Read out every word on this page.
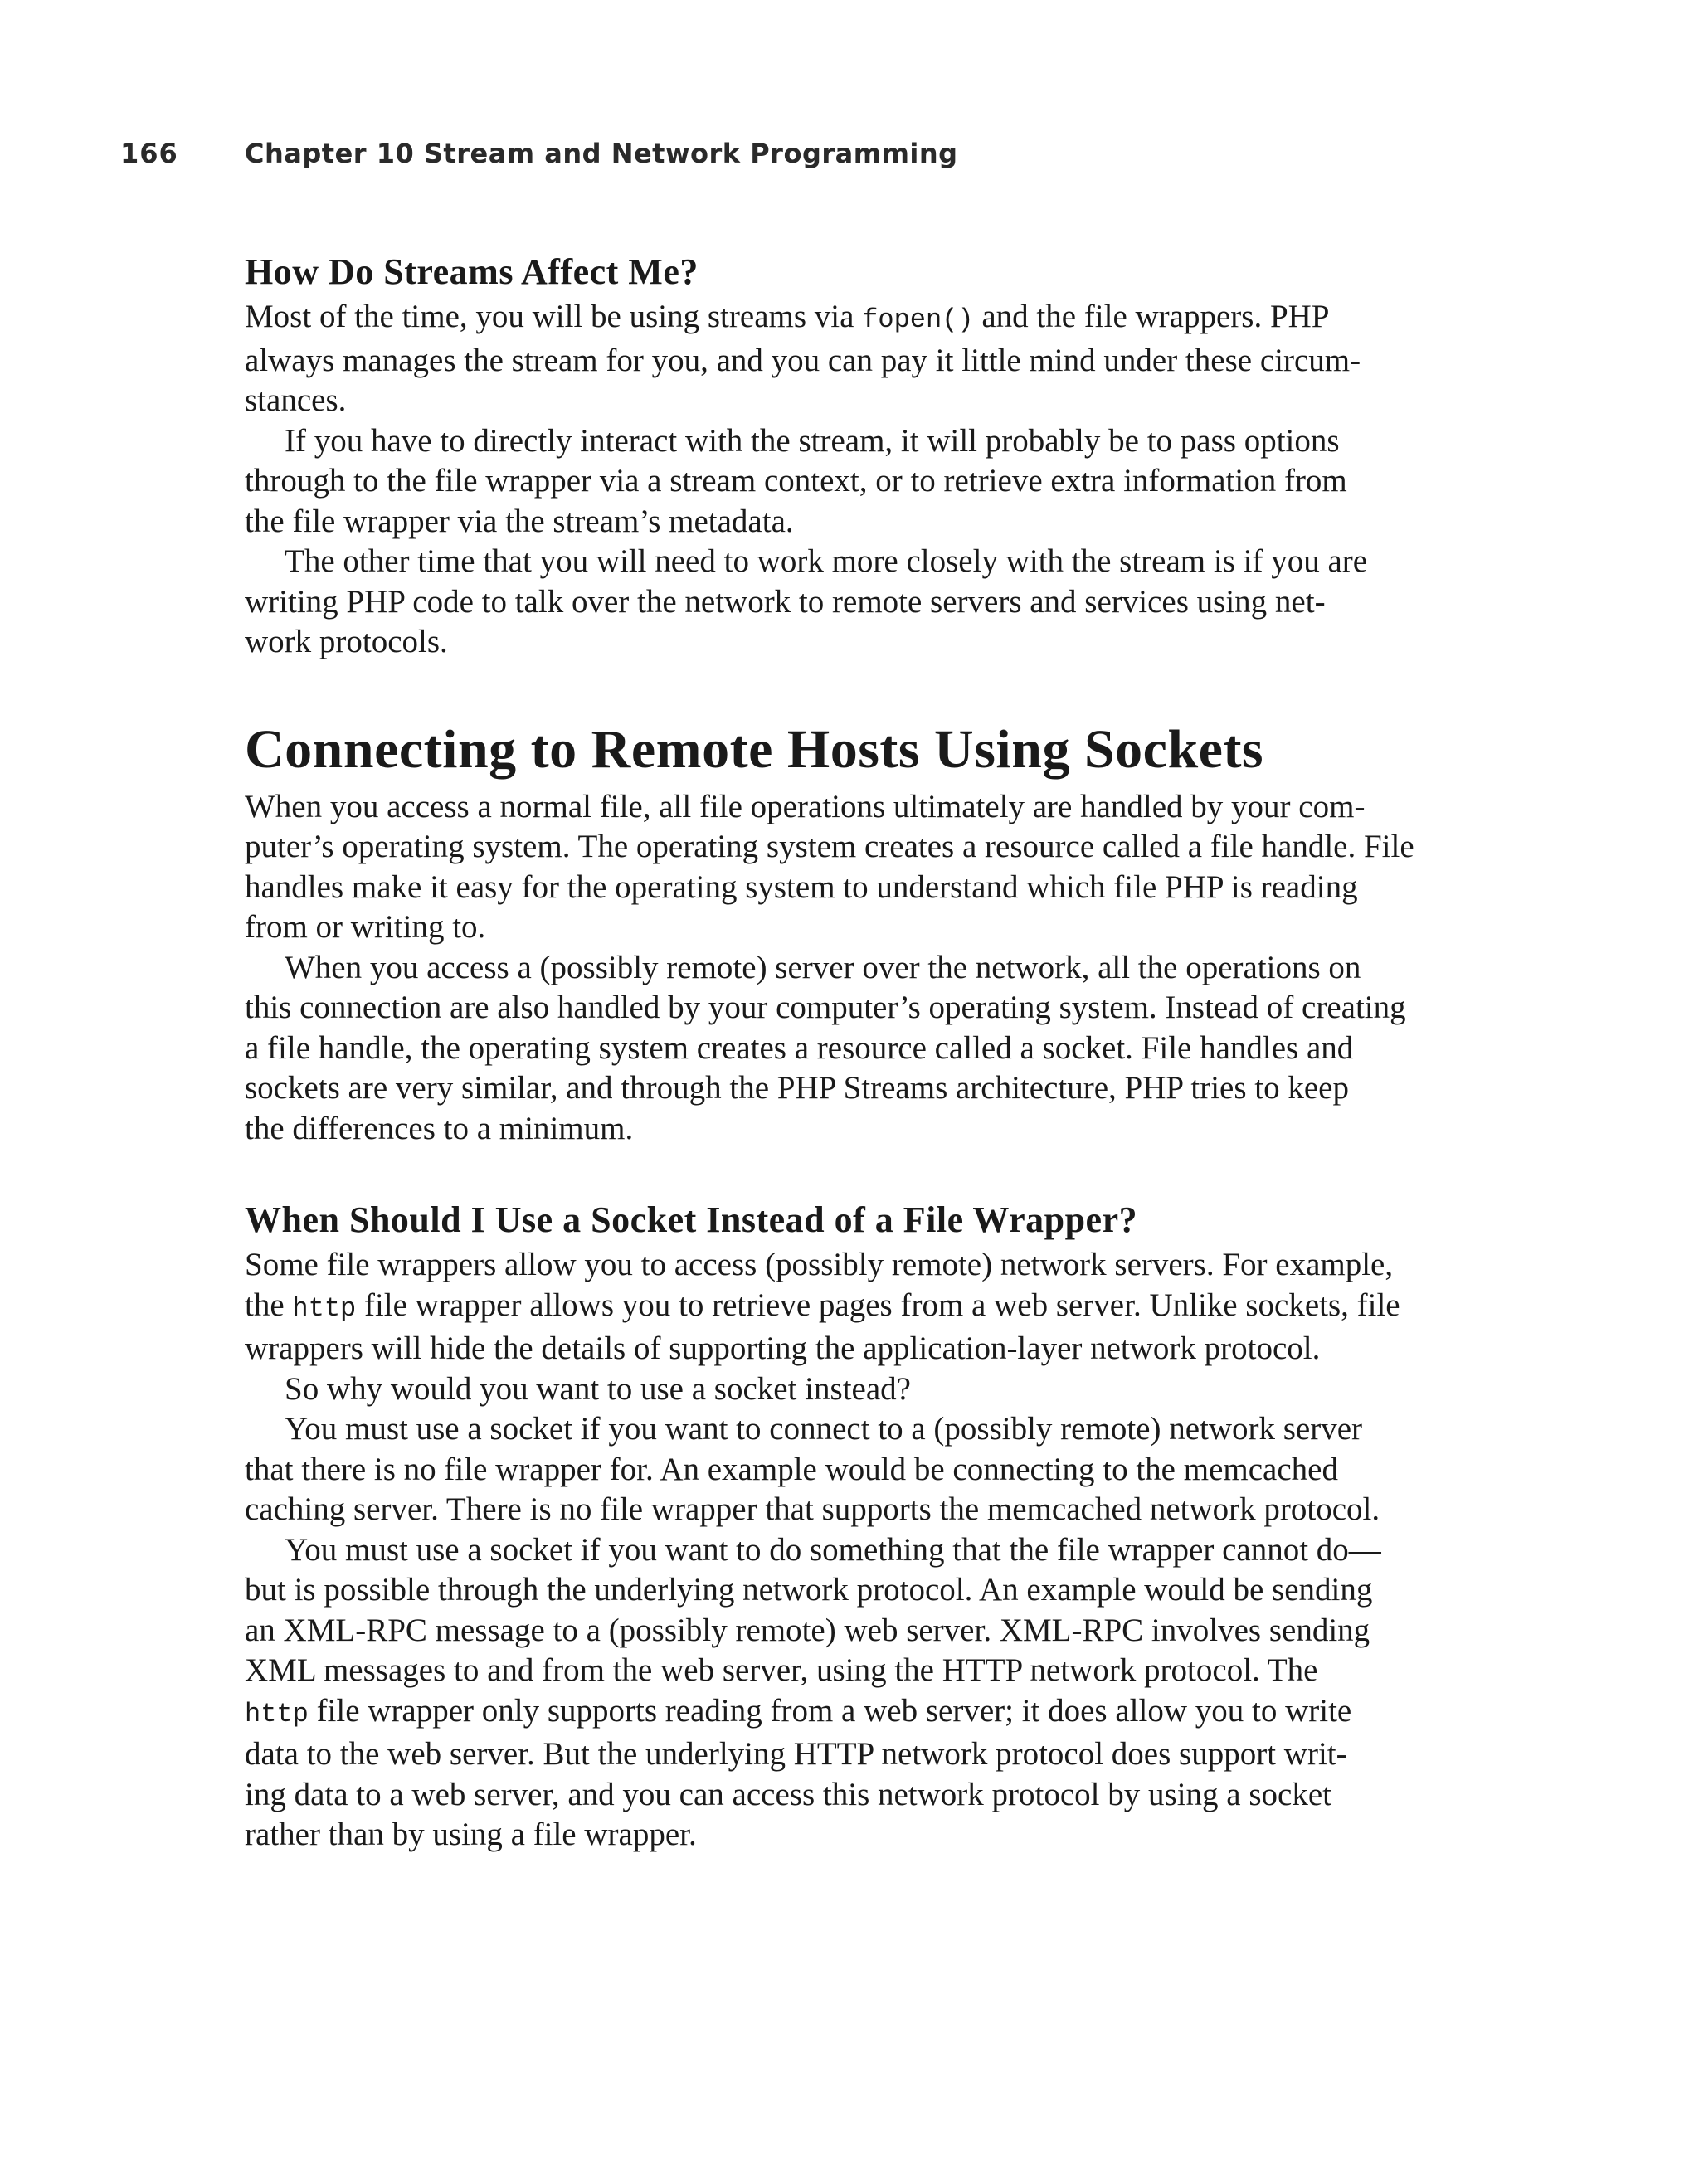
166	Chapter 10 Stream and Network Programming
How Do Streams Affect Me?

Most of the time, you will be using streams via fopen() and the file wrappers. PHP
always manages the stream for you, and you can pay it little mind under these circum-
stances.

If you have to directly interact with the stream, it will probably be to pass options
through to the file wrapper via a stream context, or to retrieve extra information from
the file wrapper via the stream’s metadata.

The other time that you will need to work more closely with the stream is if you are
writing PHP code to talk over the network to remote servers and services using net-
work protocols.

Connecting to Remote Hosts Using Sockets

When you access a normal file, all file operations ultimately are handled by your com-
puter’s operating system. The operating system creates a resource called a file handle. File
handles make it easy for the operating system to understand which file PHP is reading
from or writing to.

When you access a (possibly remote) server over the network, all the operations on
this connection are also handled by your computer’s operating system. Instead of creating
a file handle, the operating system creates a resource called a socket. File handles and
sockets are very similar, and through the PHP Streams architecture, PHP tries to keep
the differences to a minimum.

When Should I Use a Socket Instead of a File Wrapper?

Some file wrappers allow you to access (possibly remote) network servers. For example,
the http file wrapper allows you to retrieve pages from a web server. Unlike sockets, file
wrappers will hide the details of supporting the application-layer network protocol.

So why would you want to use a socket instead?

You must use a socket if you want to connect to a (possibly remote) network server
that there is no file wrapper for. An example would be connecting to the memcached
caching server. There is no file wrapper that supports the memcached network protocol.

You must use a socket if you want to do something that the file wrapper cannot do—
but is possible through the underlying network protocol. An example would be sending
an XML-RPC message to a (possibly remote) web server. XML-RPC involves sending
XML messages to and from the web server, using the HTTP network protocol. The
http file wrapper only supports reading from a web server; it does allow you to write
data to the web server. But the underlying HTTP network protocol does support writ-
ing data to a web server, and you can access this network protocol by using a socket
rather than by using a file wrapper.
